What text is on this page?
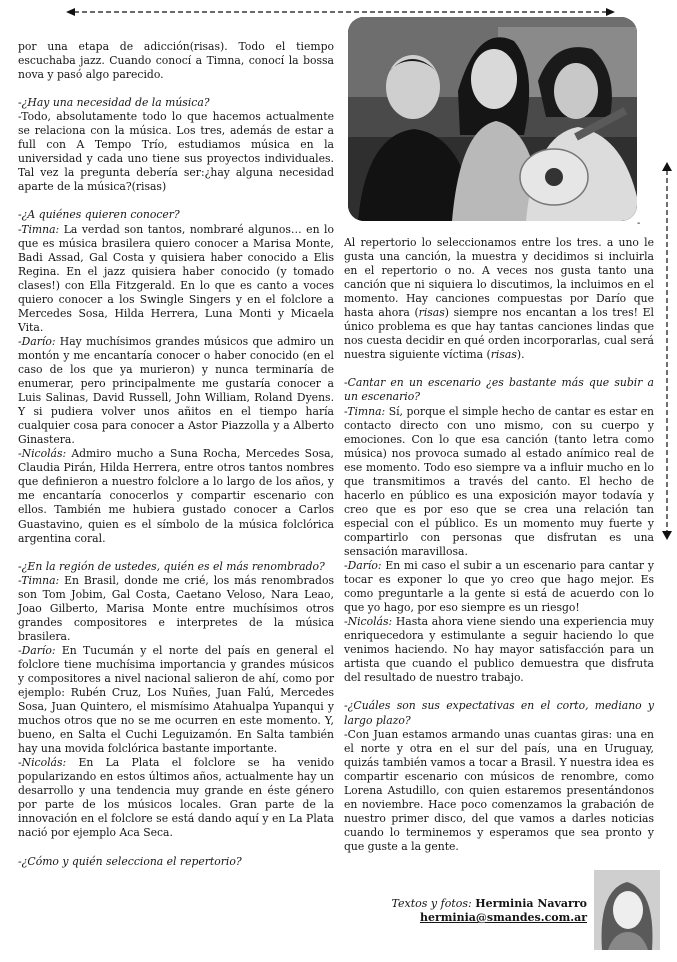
-

por una etapa de adicción(risas). Todo el tiempo escuchaba jazz. Cuando conocí a Timna, conocí la bossa nova y pasó algo parecido.

-¿Hay una necesidad de la música?

-Todo, absolutamente todo lo que hacemos actualmente se relaciona con la música. Los tres, además de estar a full con A Tempo Trío, estudiamos música en la universidad y cada uno tiene sus proyectos individuales. Tal vez la pregunta debería ser:¿hay alguna necesidad aparte de la música?(risas)

-¿A quiénes quieren conocer?

-Timna: La verdad son tantos, nombraré algunos… en lo que es música brasilera quiero conocer a Marisa Monte, Badi Assad, Gal Costa y quisiera haber conocido a Elis Regina. En el jazz quisiera haber conocido (y tomado clases!) con Ella Fitzgerald. En lo que es canto a voces quiero conocer a los Swingle Singers y en el folclore a Mercedes Sosa, Hilda Herrera, Luna Monti y Micaela Vita.

-Darío: Hay muchísimos grandes músicos que admiro un montón y me encantaría conocer o haber conocido (en el caso de los que ya murieron) y nunca terminaría de enumerar, pero principalmente me gustaría conocer a Luis Salinas, David Russell, John William, Roland Dyens. Y si pudiera volver unos añitos en el tiempo haría cualquier cosa para conocer a Astor Piazzolla y a Alberto Ginastera.

-Nicolás: Admiro mucho a Suna Rocha, Mercedes Sosa, Claudia Pirán, Hilda Herrera, entre otros tantos nombres que definieron a nuestro folclore a lo largo de los años, y me encantaría conocerlos y compartir escenario con ellos. También me hubiera gustado conocer a Carlos Guastavino, quien es el símbolo de la música folclórica argentina coral.

-¿En la región de ustedes, quién es el más renombrado?

-Timna: En Brasil, donde me crié, los más renombrados son Tom Jobim, Gal Costa, Caetano Veloso, Nara Leao, Joao Gilberto, Marisa Monte entre muchísimos otros grandes compositores e interpretes de la música brasilera.

-Darío: En Tucumán y el norte del país en general el folclore tiene muchísima importancia y grandes músicos y compositores a nivel nacional salieron de ahí, como por ejemplo: Rubén Cruz, Los Nuñes, Juan Falú, Mercedes Sosa, Juan Quintero, el mismísimo Atahualpa Yupanqui y muchos otros que no se me ocurren en este momento. Y, bueno, en Salta el Cuchi Leguizamón. En Salta también hay una movida folclórica bastante importante.

-Nicolás: En La Plata el folclore se ha venido popularizando en estos últimos años, actualmente hay un desarrollo y una tendencia muy grande en éste género por parte de los músicos locales. Gran parte de la innovación en el folclore se está dando aquí y en La Plata nació por ejemplo Aca Seca.

-¿Cómo y quién selecciona el repertorio?

Al repertorio lo seleccionamos entre los tres. a uno le gusta una canción, la muestra y decidimos si incluirla en el repertorio o no. A veces nos gusta tanto una canción que ni siquiera lo discutimos, la incluimos en el momento. Hay canciones compuestas por Darío que hasta ahora (risas) siempre nos encantan a los tres! El único problema es que hay tantas canciones lindas que nos cuesta decidir en qué orden incorporarlas, cual será nuestra siguiente víctima (risas).

-Cantar en un escenario ¿es bastante más que subir a un escenario?

-Timna: Sí, porque el simple hecho de cantar es estar en contacto directo con uno mismo, con su cuerpo y emociones. Con lo que esa canción (tanto letra como música) nos provoca sumado al estado anímico real de ese momento. Todo eso siempre va a influir mucho en lo que transmitimos a través del canto. El hecho de hacerlo en público es una exposición mayor todavía y creo que es por eso que se crea una relación tan especial con el público. Es un momento muy fuerte y compartirlo con personas que disfrutan es una sensación maravillosa.

-Darío: En mi caso el subir a un escenario para cantar y tocar es exponer lo que yo creo que hago mejor. Es como preguntarle a la gente si está de acuerdo con lo que yo hago, por eso siempre es un riesgo!

-Nicolás: Hasta ahora viene siendo una experiencia muy enriquecedora y estimulante a seguir haciendo lo que venimos haciendo. No hay mayor satisfacción para un artista que cuando el publico demuestra que disfruta del resultado de nuestro trabajo.

-¿Cuáles son sus expectativas en el corto, mediano y largo plazo?

-Con Juan estamos armando unas cuantas giras: una en el norte y otra en el sur del país, una en Uruguay, quizás también vamos a tocar a Brasil. Y nuestra idea es compartir escenario con músicos de renombre, como Lorena Astudillo, con quien estaremos presentándonos en noviembre. Hace poco comenzamos la grabación de nuestro primer disco, del que vamos a darles noticias cuando lo terminemos y esperamos que sea pronto y que guste a la gente.

Textos y fotos: Herminia Navarro
herminia@smandes.com.ar
